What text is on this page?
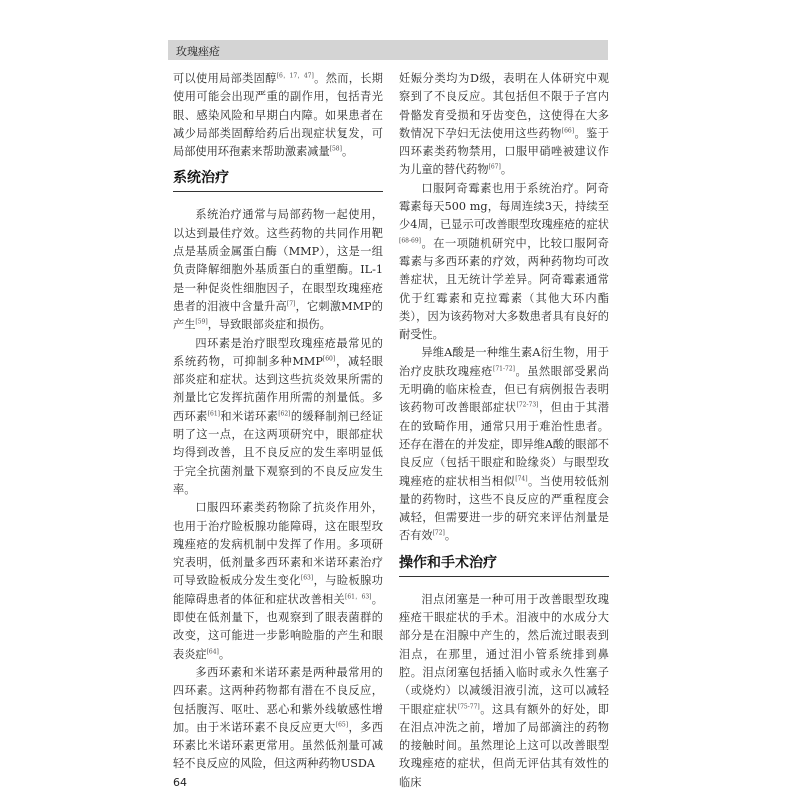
玫瑰痤疮

可以使用局部类固醇[6，17，47]。然而，长期使用可能会出现严重的副作用，包括青光眼、感染风险和早期白内障。如果患者在减少局部类固醇给药后出现症状复发，可局部使用环孢素来帮助激素减量[58]。

系统治疗

系统治疗通常与局部药物一起使用，以达到最佳疗效。这些药物的共同作用靶点是基质金属蛋白酶（MMP），这是一组负责降解细胞外基质蛋白的重塑酶。IL-1是一种促炎性细胞因子，在眼型玫瑰痤疮患者的泪液中含量升高[7]，它刺激MMP的产生[59]，导致眼部炎症和损伤。

四环素是治疗眼型玫瑰痤疮最常见的系统药物，可抑制多种MMP[60]，减轻眼部炎症和症状。达到这些抗炎效果所需的剂量比它发挥抗菌作用所需的剂量低。多西环素[61]和米诺环素[62]的缓释制剂已经证明了这一点，在这两项研究中，眼部症状均得到改善，且不良反应的发生率明显低于完全抗菌剂量下观察到的不良反应发生率。

口服四环素类药物除了抗炎作用外，也用于治疗睑板腺功能障碍，这在眼型玫瑰痤疮的发病机制中发挥了作用。多项研究表明，低剂量多西环素和米诺环素治疗可导致睑板成分发生变化[63]，与睑板腺功能障碍患者的体征和症状改善相关[61，63]。即使在低剂量下，也观察到了眼表菌群的改变，这可能进一步影响睑脂的产生和眼表炎症[64]。

多西环素和米诺环素是两种最常用的四环素。这两种药物都有潜在不良反应，包括腹泻、呕吐、恶心和紫外线敏感性增加。由于米诺环素不良反应更大[65]，多西环素比米诺环素更常用。虽然低剂量可减轻不良反应的风险，但这两种药物USDA

妊娠分类均为D级，表明在人体研究中观察到了不良反应。其包括但不限于子宫内骨骼发育受损和牙齿变色，这使得在大多数情况下孕妇无法使用这些药物[66]。鉴于四环素类药物禁用，口服甲硝唑被建议作为儿童的替代药物[67]。

口服阿奇霉素也用于系统治疗。阿奇霉素每天500 mg，每周连续3天，持续至少4周，已显示可改善眼型玫瑰痤疮的症状[68-69]。在一项随机研究中，比较口服阿奇霉素与多西环素的疗效，两种药物均可改善症状，且无统计学差异。阿奇霉素通常优于红霉素和克拉霉素（其他大环内酯类），因为该药物对大多数患者具有良好的耐受性。

异维A酸是一种维生素A衍生物，用于治疗皮肤玫瑰痤疮[71-72]。虽然眼部受累尚无明确的临床检查，但已有病例报告表明该药物可改善眼部症状[72-73]，但由于其潜在的致畸作用，通常只用于难治性患者。还存在潜在的并发症，即异维A酸的眼部不良反应（包括干眼症和睑缘炎）与眼型玫瑰痤疮的症状相当相似[74]。当使用较低剂量的药物时，这些不良反应的严重程度会减轻，但需要进一步的研究来评估剂量是否有效[72]。

操作和手术治疗

泪点闭塞是一种可用于改善眼型玫瑰痤疮干眼症状的手术。泪液中的水成分大部分是在泪腺中产生的，然后流过眼表到泪点，在那里，通过泪小管系统排到鼻腔。泪点闭塞包括插入临时或永久性塞子（或烧灼）以减缓泪液引流，这可以减轻干眼症症状[75-77]。这具有额外的好处，即在泪点冲洗之前，增加了局部滴注的药物的接触时间。虽然理论上这可以改善眼型玫瑰痤疮的症状，但尚无评估其有效性的临床

64
